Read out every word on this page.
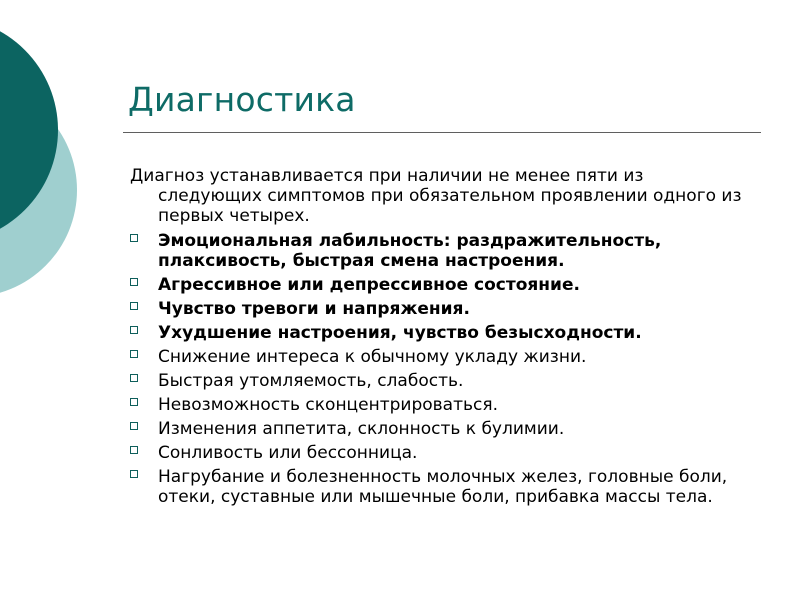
Диагностика

Диагноз устанавливается при наличии не менее пяти из следующих симптомов при обязательном проявлении одного из первых четырех.

Эмоциональная лабильность: раздражительность, плаксивость, быстрая смена настроения.
Агрессивное или депрессивное состояние.
Чувство тревоги и напряжения.
Ухудшение настроения, чувство безысходности.
Снижение интереса к обычному укладу жизни.
Быстрая утомляемость, слабость.
Невозможность сконцентрироваться.
Изменения аппетита, склонность к булимии.
Сонливость или бессонница.
Нагрубание и болезненность молочных желез, головные боли, отеки, суставные или мышечные боли, прибавка массы тела.
